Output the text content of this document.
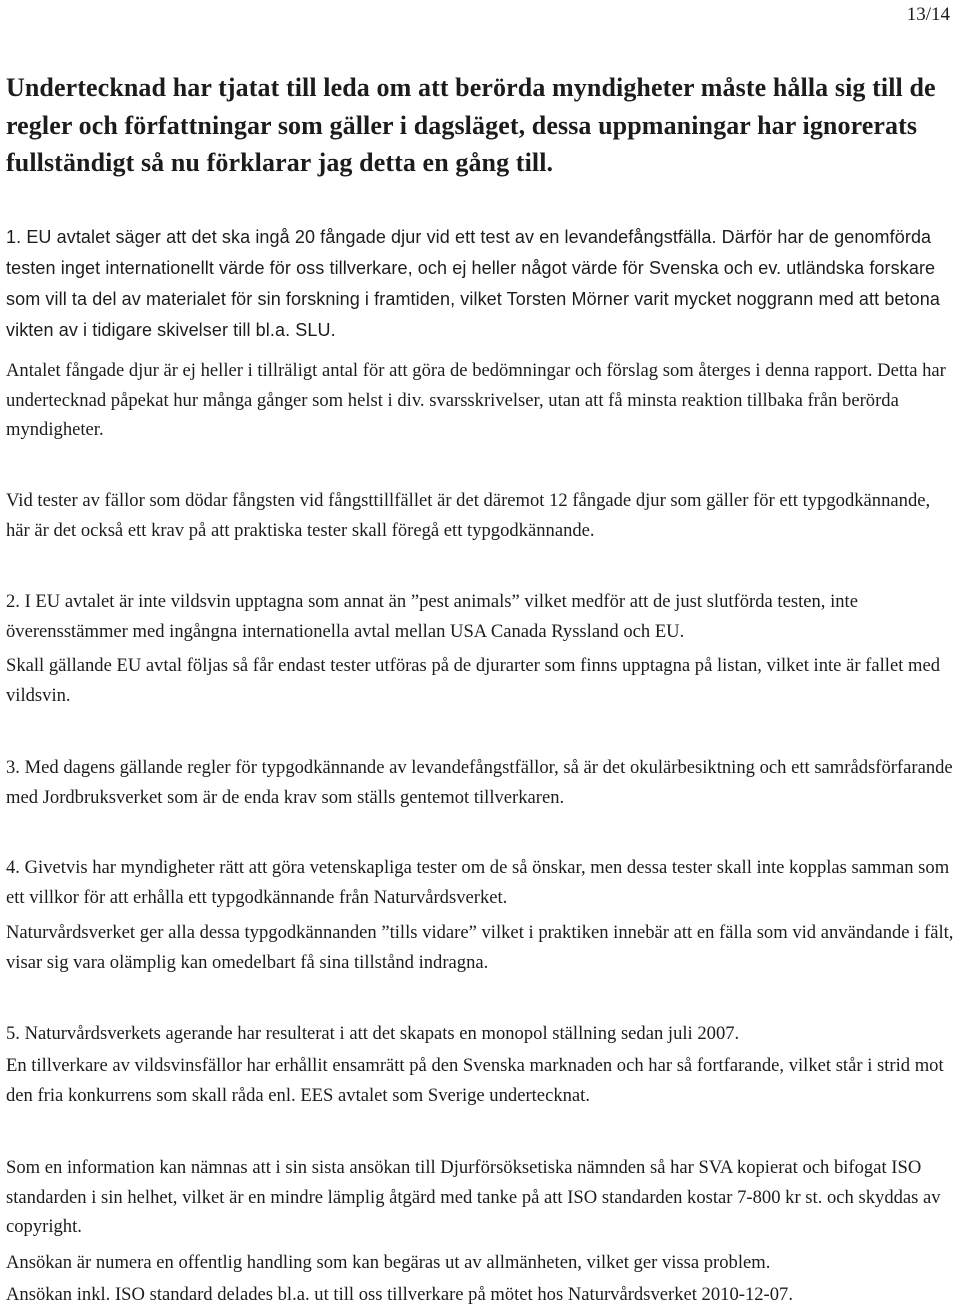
13/14

Undertecknad har tjatat till leda om att berörda myndigheter måste hålla sig till de regler och författningar som gäller i dagsläget, dessa uppmaningar har ignorerats fullständigt så nu förklarar jag detta en gång till.

1. EU avtalet säger att det ska ingå 20 fångade djur vid ett test av en levandefångstfälla. Därför har de genomförda testen inget internationellt värde för oss tillverkare, och ej heller något värde för Svenska och ev. utländska forskare som vill ta del av materialet för sin forskning i framtiden, vilket Torsten Mörner varit mycket noggrann med att betona vikten av i tidigare skivelser till bl.a. SLU.

Antalet fångade djur är ej heller i tillräligt antal för att göra de bedömningar och förslag som återges i denna rapport. Detta har undertecknad påpekat hur många gånger som helst i div. svarsskrivelser, utan att få minsta reaktion tillbaka från berörda myndigheter.

Vid tester av fällor som dödar fångsten vid fångsttillfället är det däremot 12 fångade djur som gäller för ett typgodkännande, här är det också ett krav på att praktiska tester skall föregå ett typgodkännande.

2. I EU avtalet är inte vildsvin upptagna som annat än ”pest animals” vilket medför att de just slutförda testen, inte överensstämmer med ingångna internationella avtal mellan USA Canada Ryssland och EU.

Skall gällande EU avtal följas så får endast tester utföras på de djurarter som finns upptagna på listan, vilket inte är fallet med vildsvin.

3. Med dagens gällande regler för typgodkännande av levandefångstfällor, så är det okulärbesiktning och ett samrådsförfarande med Jordbruksverket som är de enda krav som ställs gentemot tillverkaren.

4. Givetvis har myndigheter rätt att göra vetenskapliga tester om de så önskar, men dessa tester skall inte kopplas samman som ett villkor för att erhålla ett typgodkännande från Naturvårdsverket.

Naturvårdsverket ger alla dessa typgodkännanden ”tills vidare” vilket i praktiken innebär att en fälla som vid användande i fält, visar sig vara olämplig kan omedelbart få sina tillstånd indragna.

5. Naturvårdsverkets agerande har resulterat i att det skapats en monopol ställning sedan juli 2007.

En tillverkare av vildsvinsfällor har erhållit ensamrätt på den Svenska marknaden och har så fortfarande, vilket står i strid mot den fria konkurrens som skall råda enl. EES avtalet som Sverige undertecknat.

Som en information kan nämnas att i sin sista ansökan till Djurförsöksetiska nämnden så har SVA kopierat och bifogat ISO standarden i sin helhet, vilket är en mindre lämplig åtgärd med tanke på att ISO standarden kostar 7-800 kr st. och skyddas av copyright.

Ansökan är numera en offentlig handling som kan begäras ut av allmänheten, vilket ger vissa problem.

Ansökan inkl. ISO standard delades bl.a. ut till oss tillverkare på mötet hos Naturvårdsverket 2010-12-07.
